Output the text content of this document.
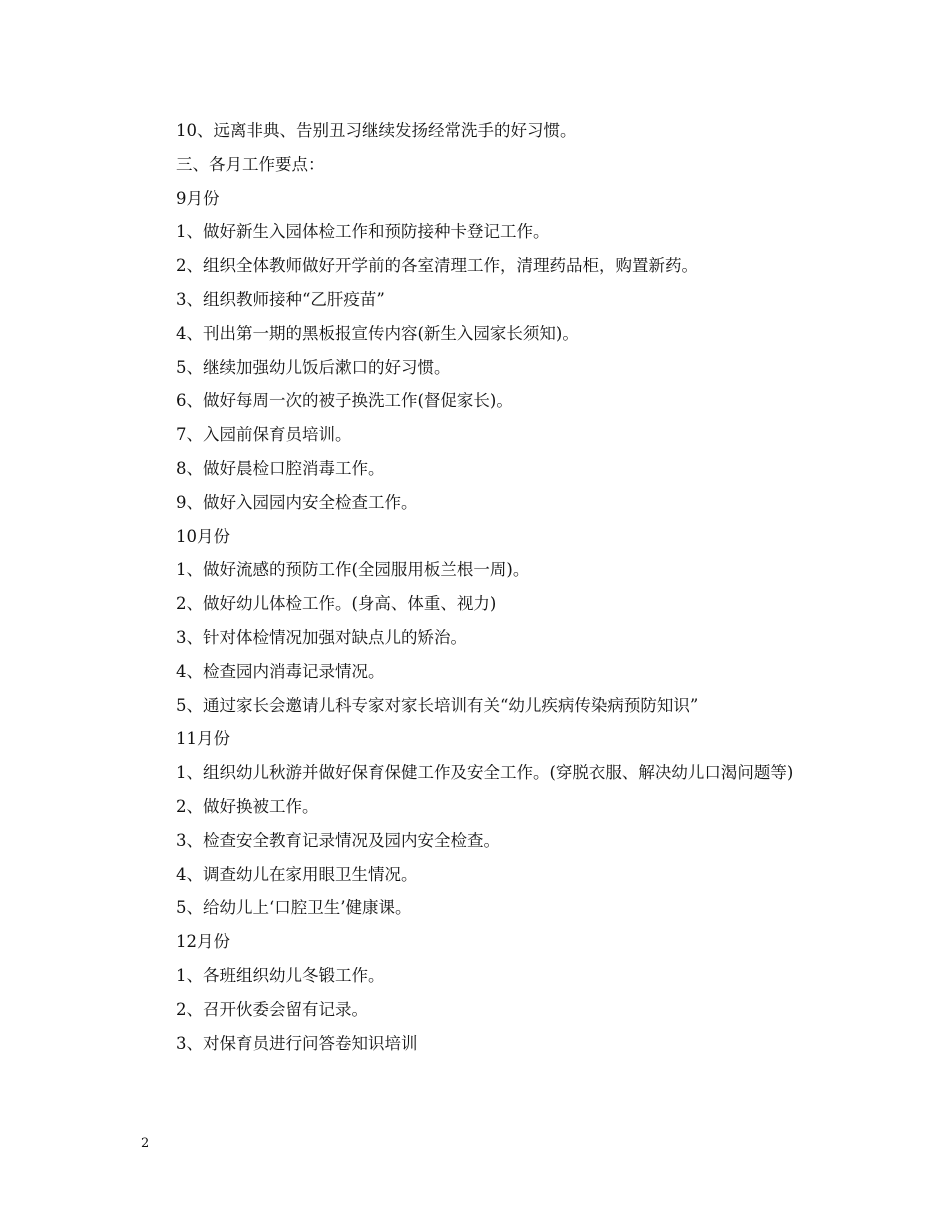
10、远离非典、告别丑习继续发扬经常洗手的好习惯。
三、各月工作要点：
9月份
1、做好新生入园体检工作和预防接种卡登记工作。
2、组织全体教师做好开学前的各室清理工作，清理药品柜，购置新药。
3、组织教师接种“乙肝疫苗”
4、刊出第一期的黑板报宣传内容(新生入园家长须知)。
5、继续加强幼儿饭后漱口的好习惯。
6、做好每周一次的被子换洗工作(督促家长)。
7、入园前保育员培训。
8、做好晨检口腔消毒工作。
9、做好入园园内安全检查工作。
10月份
1、做好流感的预防工作(全园服用板兰根一周)。
2、做好幼儿体检工作。(身高、体重、视力)
3、针对体检情况加强对缺点儿的矫治。
4、检查园内消毒记录情况。
5、通过家长会邀请儿科专家对家长培训有关“幼儿疾病传染病预防知识”
11月份
1、组织幼儿秋游并做好保育保健工作及安全工作。(穿脱衣服、解决幼儿口渴问题等)
2、做好换被工作。
3、检查安全教育记录情况及园内安全检查。
4、调查幼儿在家用眼卫生情况。
5、给幼儿上‘口腔卫生’健康课。
12月份
1、各班组织幼儿冬锻工作。
2、召开伙委会留有记录。
3、对保育员进行问答卷知识培训
2
